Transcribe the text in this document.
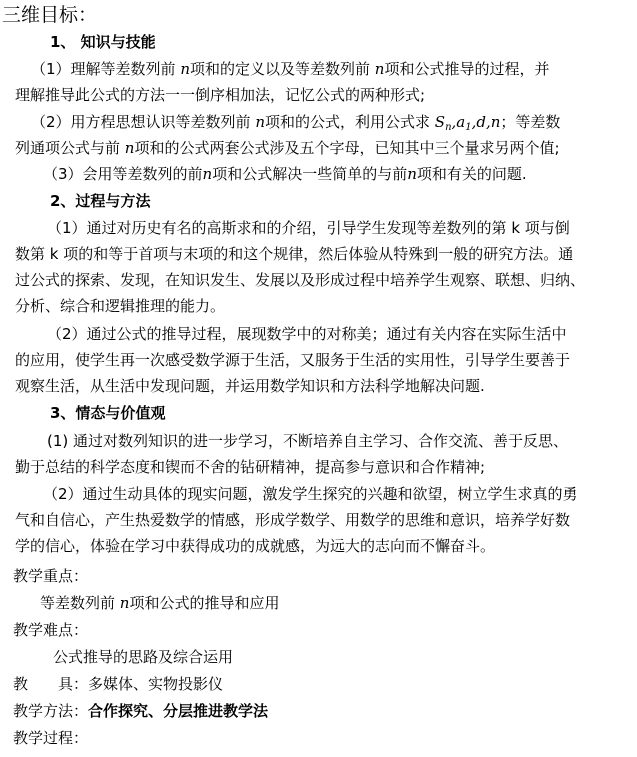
三维目标：
1、 知识与技能
（1）理解等差数列前 n项和的定义以及等差数列前 n项和公式推导的过程，并
理解推导此公式的方法一一倒序相加法，记忆公式的两种形式;
（2）用方程思想认识等差数列前 n项和的公式，利用公式求 $S_n,a_1,d,n$；等差数
列通项公式与前 n项和的公式两套公式涉及五个字母，已知其中三个量求另两个值;
（3）会用等差数列的前n项和公式解决一些简单的与前n项和有关的问题.
2、过程与方法
（1）通过对历史有名的高斯求和的介绍，引导学生发现等差数列的第 k 项与倒
数第 k 项的和等于首项与末项的和这个规律，然后体验从特殊到一般的研究方法。通
过公式的探索、发现，在知识发生、发展以及形成过程中培养学生观察、联想、归纳、
分析、综合和逻辑推理的能力。
（2）通过公式的推导过程，展现数学中的对称美；通过有关内容在实际生活中
的应用，使学生再一次感受数学源于生活，又服务于生活的实用性，引导学生要善于
观察生活，从生活中发现问题，并运用数学知识和方法科学地解决问题.
3、情态与价值观
(1) 通过对数列知识的进一步学习，不断培养自主学习、合作交流、善于反思、
勤于总结的科学态度和锲而不舍的钻研精神，提高参与意识和合作精神;
（2）通过生动具体的现实问题，激发学生探究的兴趣和欲望，树立学生求真的勇
气和自信心，产生热爱数学的情感，形成学数学、用数学的思维和意识，培养学好数
学的信心，体验在学习中获得成功的成就感，为远大的志向而不懈奋斗。
教学重点：
等差数列前 n项和公式的推导和应用
教学难点：
公式推导的思路及综合运用
教　　具：多媒体、实物投影仪
教学方法：合作探究、分层推进教学法
教学过程：
